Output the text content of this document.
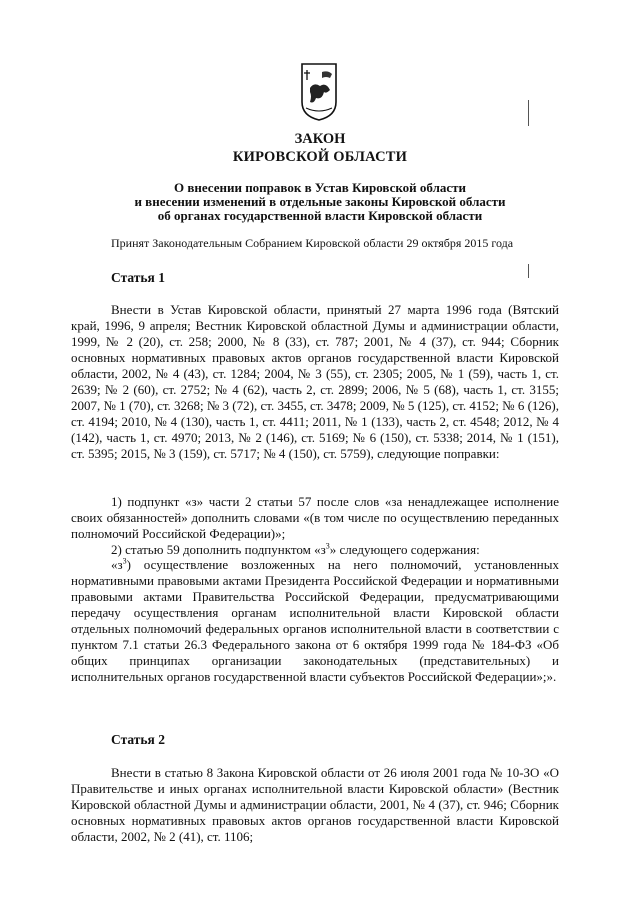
ЗАКОН
КИРОВСКОЙ ОБЛАСТИ
О внесении поправок в Устав Кировской области
и внесении изменений в отдельные законы Кировской области
об органах государственной власти Кировской области
Принят Законодательным Собранием Кировской области 29 октября 2015 года
Статья 1
Внести в Устав Кировской области, принятый 27 марта 1996 года (Вятский край, 1996, 9 апреля; Вестник Кировской областной Думы и администрации области, 1999, № 2 (20), ст. 258; 2000, № 8 (33), ст. 787; 2001, № 4 (37), ст. 944; Сборник основных нормативных правовых актов органов государственной власти Кировской области, 2002, № 4 (43), ст. 1284; 2004, № 3 (55), ст. 2305; 2005, № 1 (59), часть 1, ст. 2639; № 2 (60), ст. 2752; № 4 (62), часть 2, ст. 2899; 2006, № 5 (68), часть 1, ст. 3155; 2007, № 1 (70), ст. 3268; № 3 (72), ст. 3455, ст. 3478; 2009, № 5 (125), ст. 4152; № 6 (126), ст. 4194; 2010, № 4 (130), часть 1, ст. 4411; 2011, № 1 (133), часть 2, ст. 4548; 2012, № 4 (142), часть 1, ст. 4970; 2013, № 2 (146), ст. 5169; № 6 (150), ст. 5338; 2014, № 1 (151), ст. 5395; 2015, № 3 (159), ст. 5717; № 4 (150), ст. 5759), следующие поправки:
1) подпункт «з» части 2 статьи 57 после слов «за ненадлежащее исполнение своих обязанностей» дополнить словами «(в том числе по осуществлению переданных полномочий Российской Федерации)»;
2) статью 59 дополнить подпунктом «$з^3$» следующего содержания:
«$з^3$) осуществление возложенных на него полномочий, установленных нормативными правовыми актами Президента Российской Федерации и нормативными правовыми актами Правительства Российской Федерации, предусматривающими передачу осуществления органам исполнительной власти Кировской области отдельных полномочий федеральных органов исполнительной власти в соответствии с пунктом 7.1 статьи 26.3 Федерального закона от 6 октября 1999 года № 184-ФЗ «Об общих принципах организации законодательных (представительных) и исполнительных органов государственной власти субъектов Российской Федерации»;».
Статья 2
Внести в статью 8 Закона Кировской области от 26 июля 2001 года № 10-ЗО «О Правительстве и иных органах исполнительной власти Кировской области» (Вестник Кировской областной Думы и администрации области, 2001, № 4 (37), ст. 946; Сборник основных нормативных правовых актов органов государственной власти Кировской области, 2002, № 2 (41), ст. 1106;
